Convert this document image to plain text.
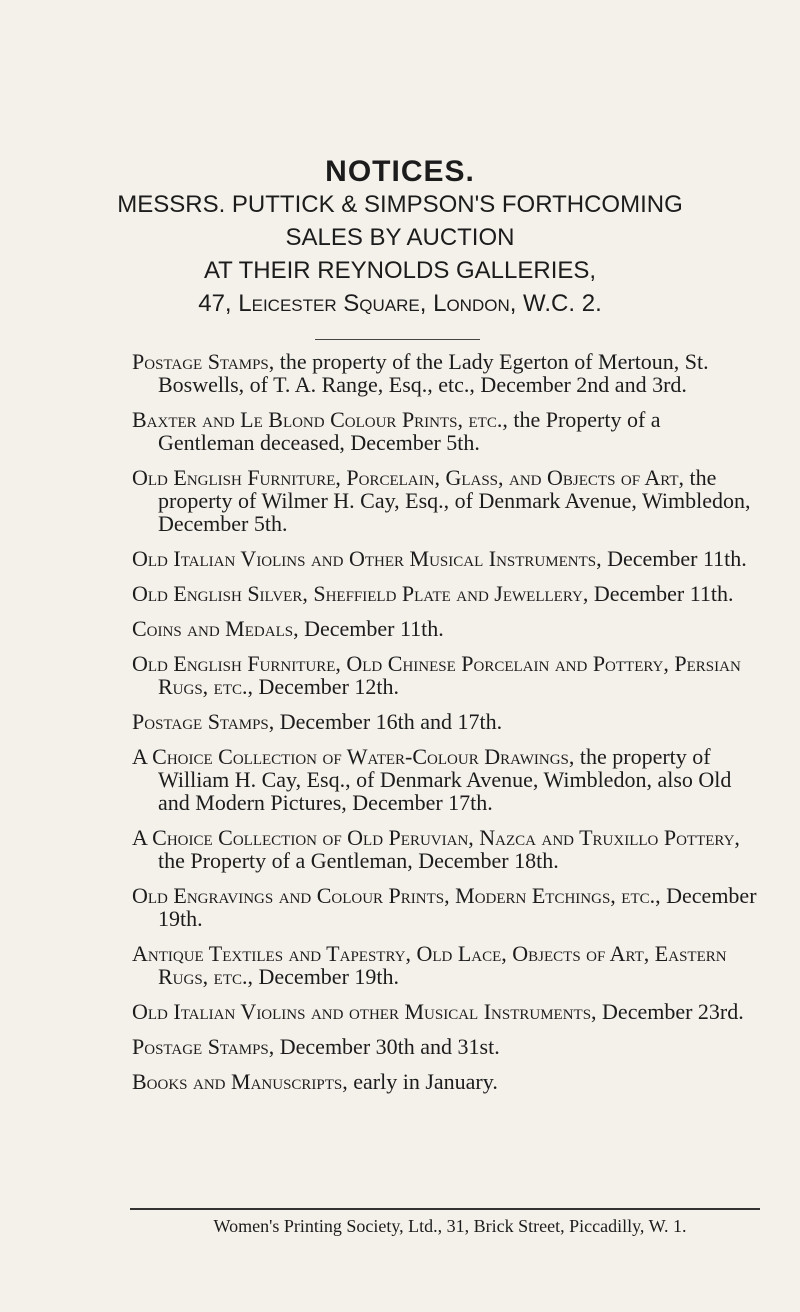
NOTICES.
MESSRS. PUTTICK & SIMPSON'S FORTHCOMING
SALES BY AUCTION
AT THEIR REYNOLDS GALLERIES,
47, Leicester Square, London, W.C. 2.
Postage Stamps, the property of the Lady Egerton of Mertoun, St. Boswells, of T. A. Range, Esq., etc., December 2nd and 3rd.
Baxter and Le Blond Colour Prints, etc., the Property of a Gentleman deceased, December 5th.
Old English Furniture, Porcelain, Glass, and Objects of Art, the property of Wilmer H. Cay, Esq., of Denmark Avenue, Wimbledon, December 5th.
Old Italian Violins and Other Musical Instruments, December 11th.
Old English Silver, Sheffield Plate and Jewellery, December 11th.
Coins and Medals, December 11th.
Old English Furniture, Old Chinese Porcelain and Pottery, Persian Rugs, etc., December 12th.
Postage Stamps, December 16th and 17th.
A Choice Collection of Water-Colour Drawings, the property of William H. Cay, Esq., of Denmark Avenue, Wimbledon, also Old and Modern Pictures, December 17th.
A Choice Collection of Old Peruvian, Nazca and Truxillo Pottery, the Property of a Gentleman, December 18th.
Old Engravings and Colour Prints, Modern Etchings, etc., December 19th.
Antique Textiles and Tapestry, Old Lace, Objects of Art, Eastern Rugs, etc., December 19th.
Old Italian Violins and other Musical Instruments, December 23rd.
Postage Stamps, December 30th and 31st.
Books and Manuscripts, early in January.
Women's Printing Society, Ltd., 31, Brick Street, Piccadilly, W. 1.
